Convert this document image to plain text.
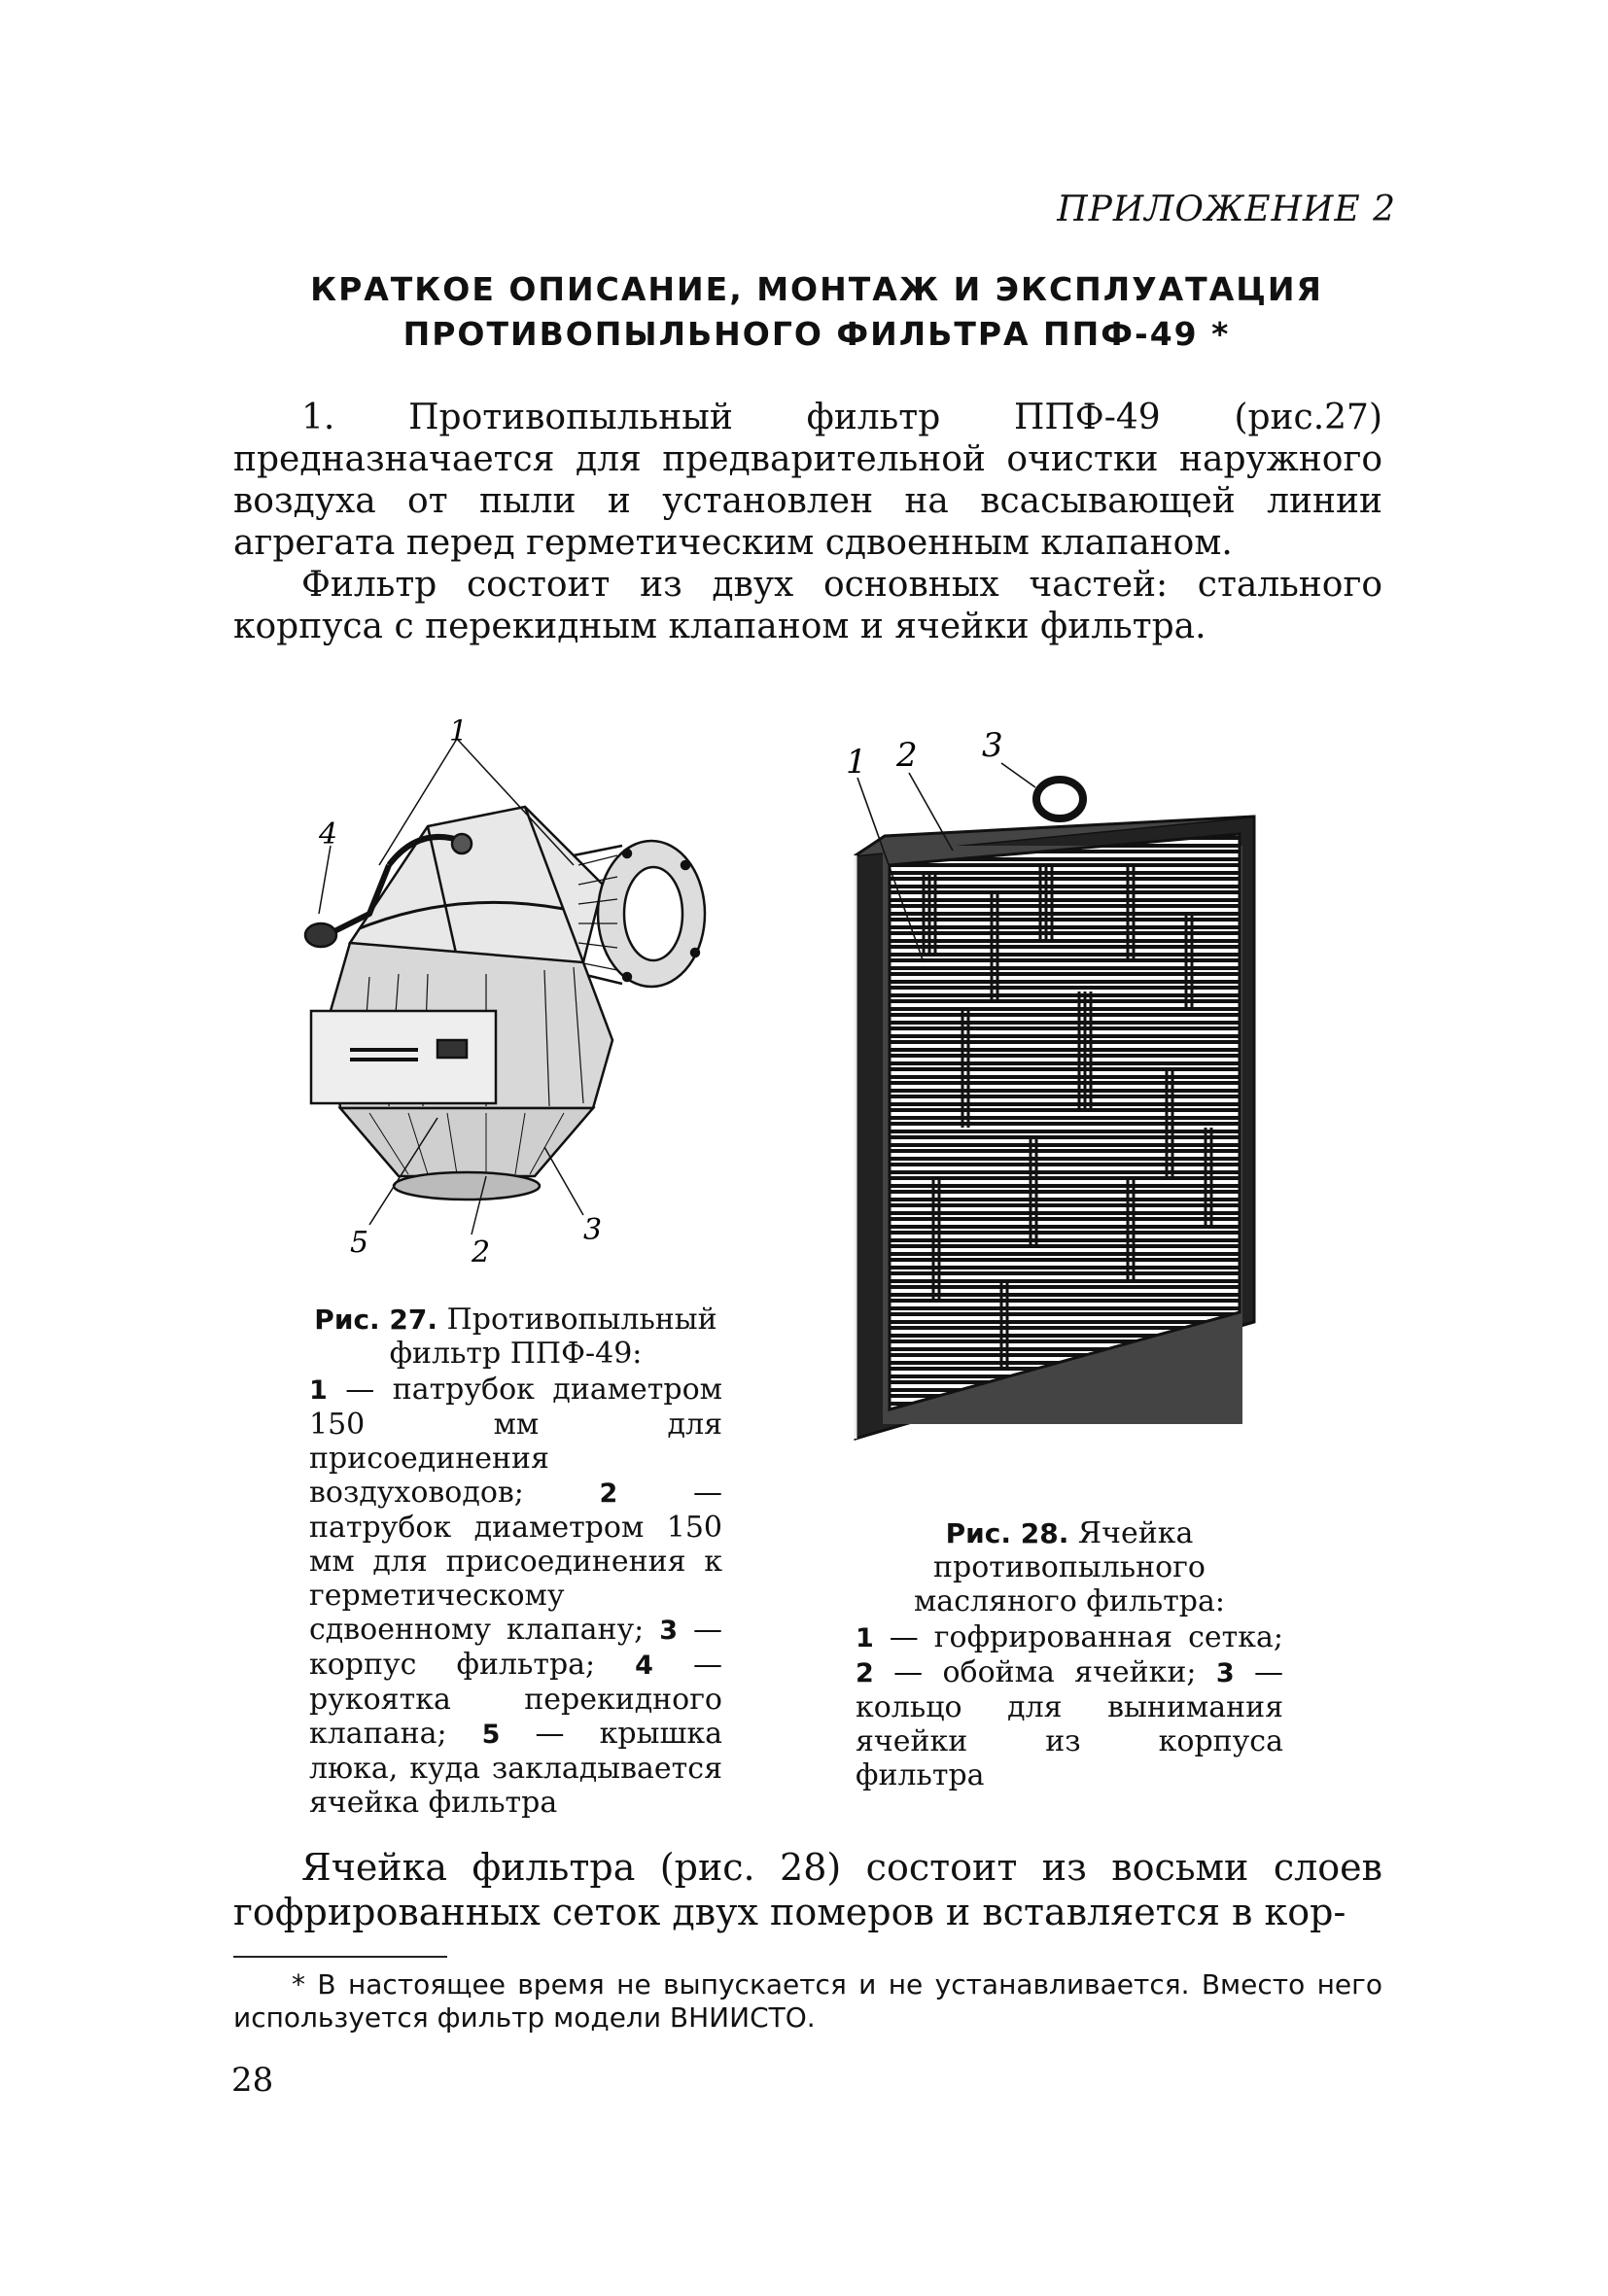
ПРИЛОЖЕНИЕ 2
КРАТКОЕ ОПИСАНИЕ, МОНТАЖ И ЭКСПЛУАТАЦИЯ
ПРОТИВОПЫЛЬНОГО ФИЛЬТРА ППФ-49 *

1. Противопыльный фильтр ППФ-49 (рис.27) предназначается для предварительной очистки наружного воздуха от пыли и установлен на всасывающей линии агрегата перед герметическим сдвоенным клапаном.

Фильтр состоит из двух основных частей: стального корпуса с перекидным клапаном и ячейки фильтра.

1
4
5	2
3
1 2 3

Рис. 27. Противопыльный фильтр ППФ-49:

1 — патрубок диаметром 150 мм для присоединения воздуховодов;	2	— патрубок диаметром 150 мм для присоединения к герметическому сдвоенному клапану; 3 — корпус фильтра; 4 — рукоятка перекидного клапана; 5 — крышка люка, куда закладывается ячейка фильтра

Рис. 28. Ячейка противопыльного масляного фильтра:

1 — гофрированная сетка; 2 — обойма ячейки; 3 — кольцо для вынимания ячейки из корпуса фильтра

Ячейка фильтра (рис. 28) состоит из восьми слоев гофрированных сеток двух померов и вставляется в кор-

* В настоящее время не выпускается и не устанавливается. Вместо него используется фильтр модели ВНИИСТО.

28
